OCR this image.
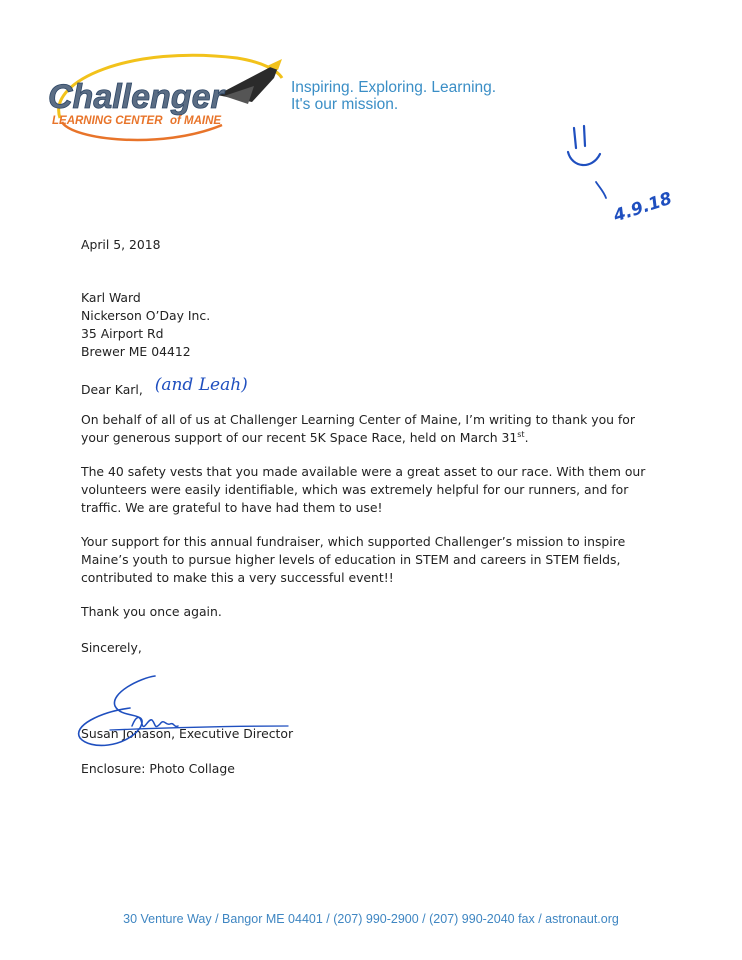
Challenger
LEARNING CENTER of MAINE
Inspiring. Exploring. Learning.
It's our mission.
4.9.18

April 5, 2018

Karl Ward

Nickerson O’Day Inc.

35 Airport Rd

Brewer ME 04412

Dear Karl, (and Leah)

On behalf of all of us at Challenger Learning Center of Maine, I’m writing to thank you for your generous support of our recent 5K Space Race, held on March 31st.

The 40 safety vests that you made available were a great asset to our race. With them our volunteers were easily identifiable, which was extremely helpful for our runners, and for traffic. We are grateful to have had them to use!

Your support for this annual fundraiser, which supported Challenger’s mission to inspire Maine’s youth to pursue higher levels of education in STEM and careers in STEM fields, contributed to make this a very successful event!!

Thank you once again.

Sincerely,

Susan Jonason, Executive Director

Enclosure: Photo Collage

30 Venture Way / Bangor ME 04401 / (207) 990-2900 / (207) 990-2040 fax / astronaut.org
